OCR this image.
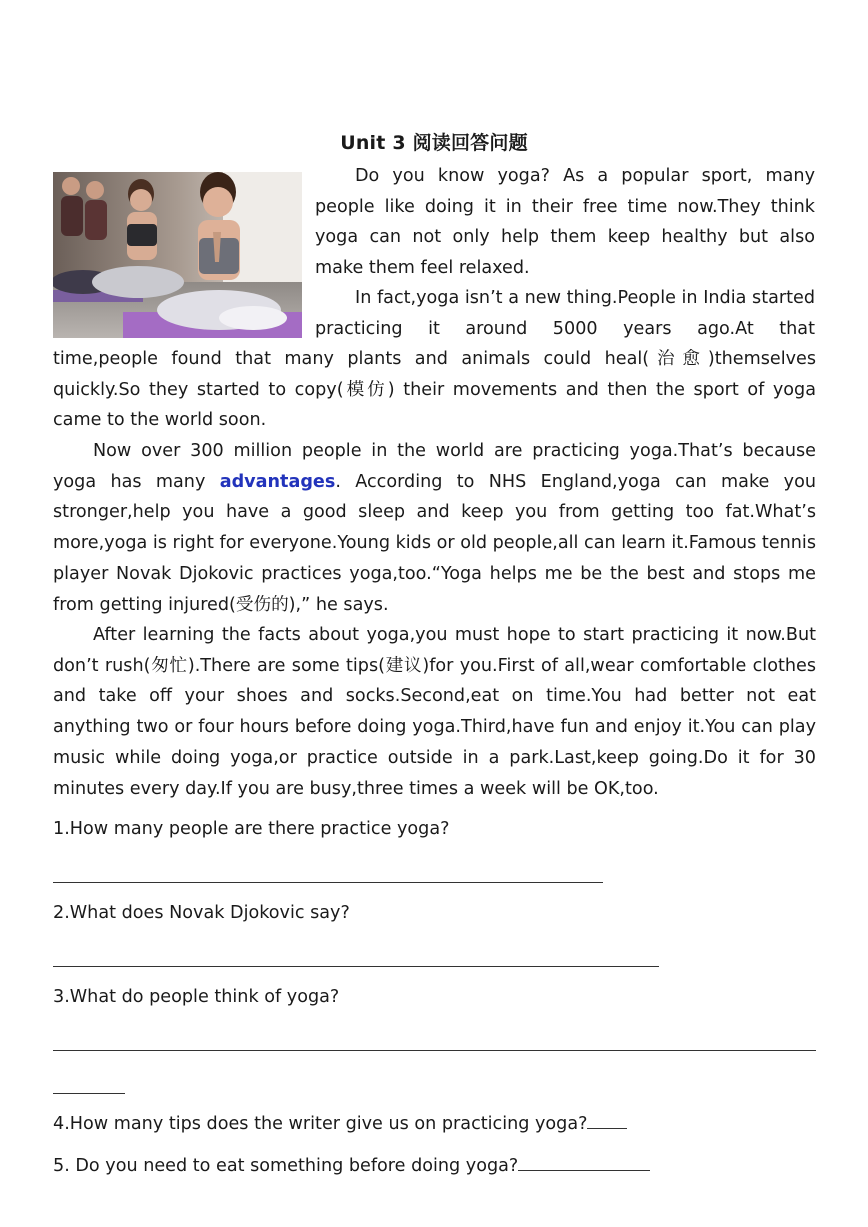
Unit 3 阅读回答问题
Do you know yoga? As a popular sport, many people like doing it in their free time now.They think yoga can not only help them keep healthy but also make them feel relaxed.
In fact,yoga isn’t a new thing.People in India started practicing it around 5000 years ago.At that
time,people found that many plants and animals could heal(治愈)themselves quickly.So they started to copy(模仿) their movements and then the sport of yoga came to the world soon.
Now over 300 million people in the world are practicing yoga.That’s because yoga has many advantages. According to NHS England,yoga can make you stronger,help you have a good sleep and keep you from getting too fat.What’s more,yoga is right for everyone.Young kids or old people,all can learn it.Famous tennis player Novak Djokovic practices yoga,too.“Yoga helps me be the best and stops me from getting injured(受伤的),” he says.
After learning the facts about yoga,you must hope to start practicing it now.But don’t rush(匆忙).There are some tips(建议)for you.First of all,wear comfortable clothes and take off your shoes and socks.Second,eat on time.You had better not eat anything two or four hours before doing yoga.Third,have fun and enjoy it.You can play music while doing yoga,or practice outside in a park.Last,keep going.Do it for 30 minutes every day.If you are busy,three times a week will be OK,too.
1.How many people are there practice yoga?
2.What does Novak Djokovic say?
3.What do people think of yoga?
4.How many tips does the writer give us on practicing yoga?
5. Do you need to eat something before doing yoga?
